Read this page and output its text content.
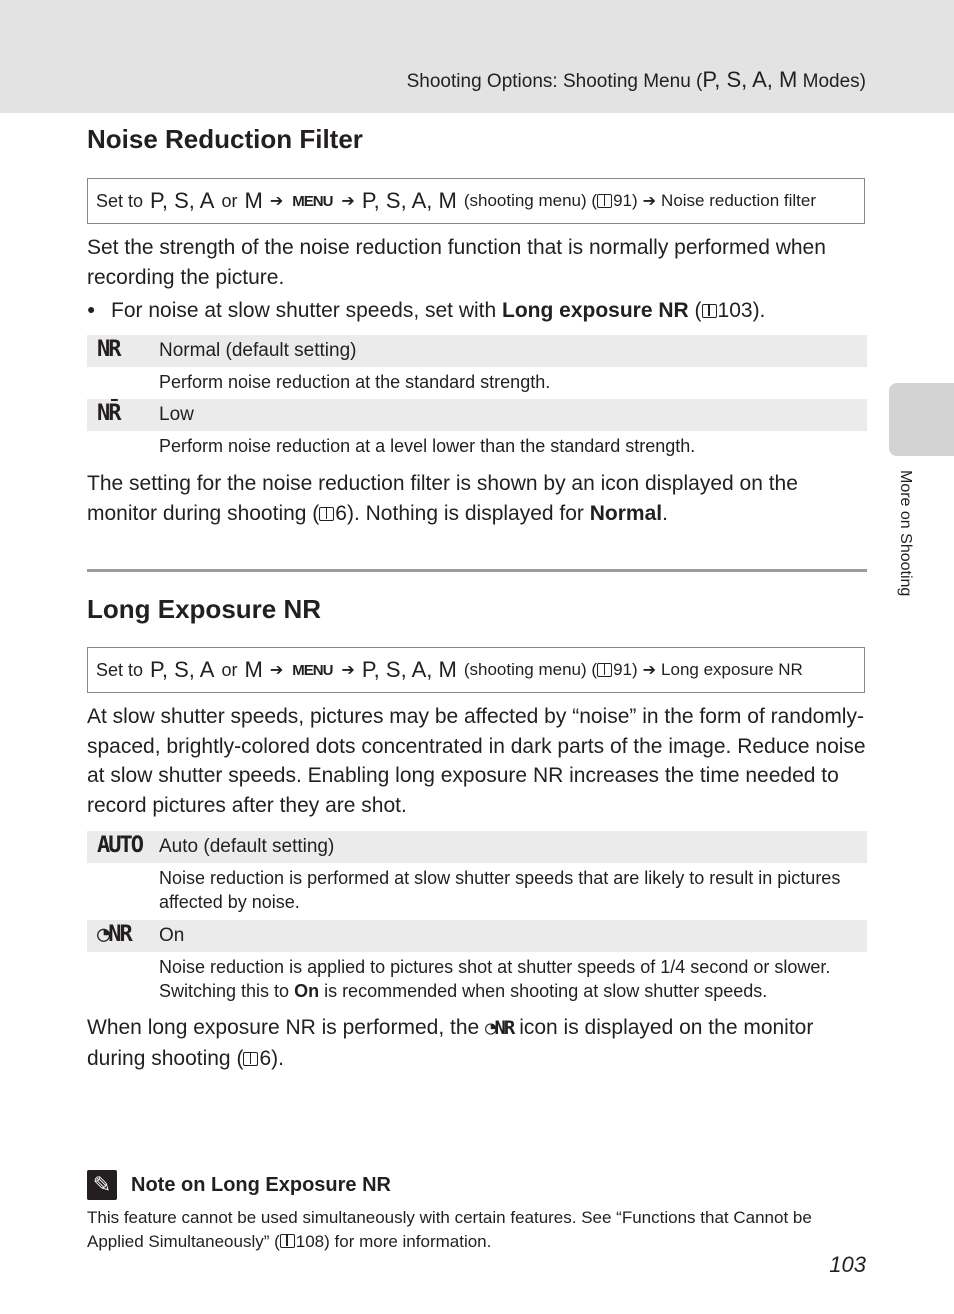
Shooting Options: Shooting Menu (P, S, A, M Modes)
More on Shooting
Noise Reduction Filter
Set to
P, S, A
or
M ➔ MENU ➔ P, S, A, M
(shooting menu) ( 91) ➔ Noise reduction filter

Set the strength of the noise reduction function that is normally performed when recording the picture.

● For noise at slow shutter speeds, set with Long exposure NR ( 103).
NR Normal (default setting)

Perform noise reduction at the standard strength.

NR̄ Low

Perform noise reduction at a level lower than the standard strength.

The setting for the noise reduction filter is shown by an icon displayed on the monitor during shooting ( 6). Nothing is displayed for Normal.

Long Exposure NR
Set to
P, S, A
or
M ➔ MENU ➔ P, S, A, M
(shooting menu) ( 91) ➔ Long exposure NR

At slow shutter speeds, pictures may be affected by “noise” in the form of randomly-spaced, brightly-colored dots concentrated in dark parts of the image. Reduce noise at slow shutter speeds. Enabling long exposure NR increases the time needed to record pictures after they are shot.

AUTO Auto (default setting)

Noise reduction is performed at slow shutter speeds that are likely to result in pictures affected by noise.

◔NR On

Noise reduction is applied to pictures shot at shutter speeds of 1/4 second or slower. Switching this to On is recommended when shooting at slow shutter speeds.

When long exposure NR is performed, the ◔NR icon is displayed on the monitor during shooting ( 6).

✎ Note on Long Exposure NR

This feature cannot be used simultaneously with certain features. See “Functions that Cannot be Applied Simultaneously” ( 108) for more information.

103
